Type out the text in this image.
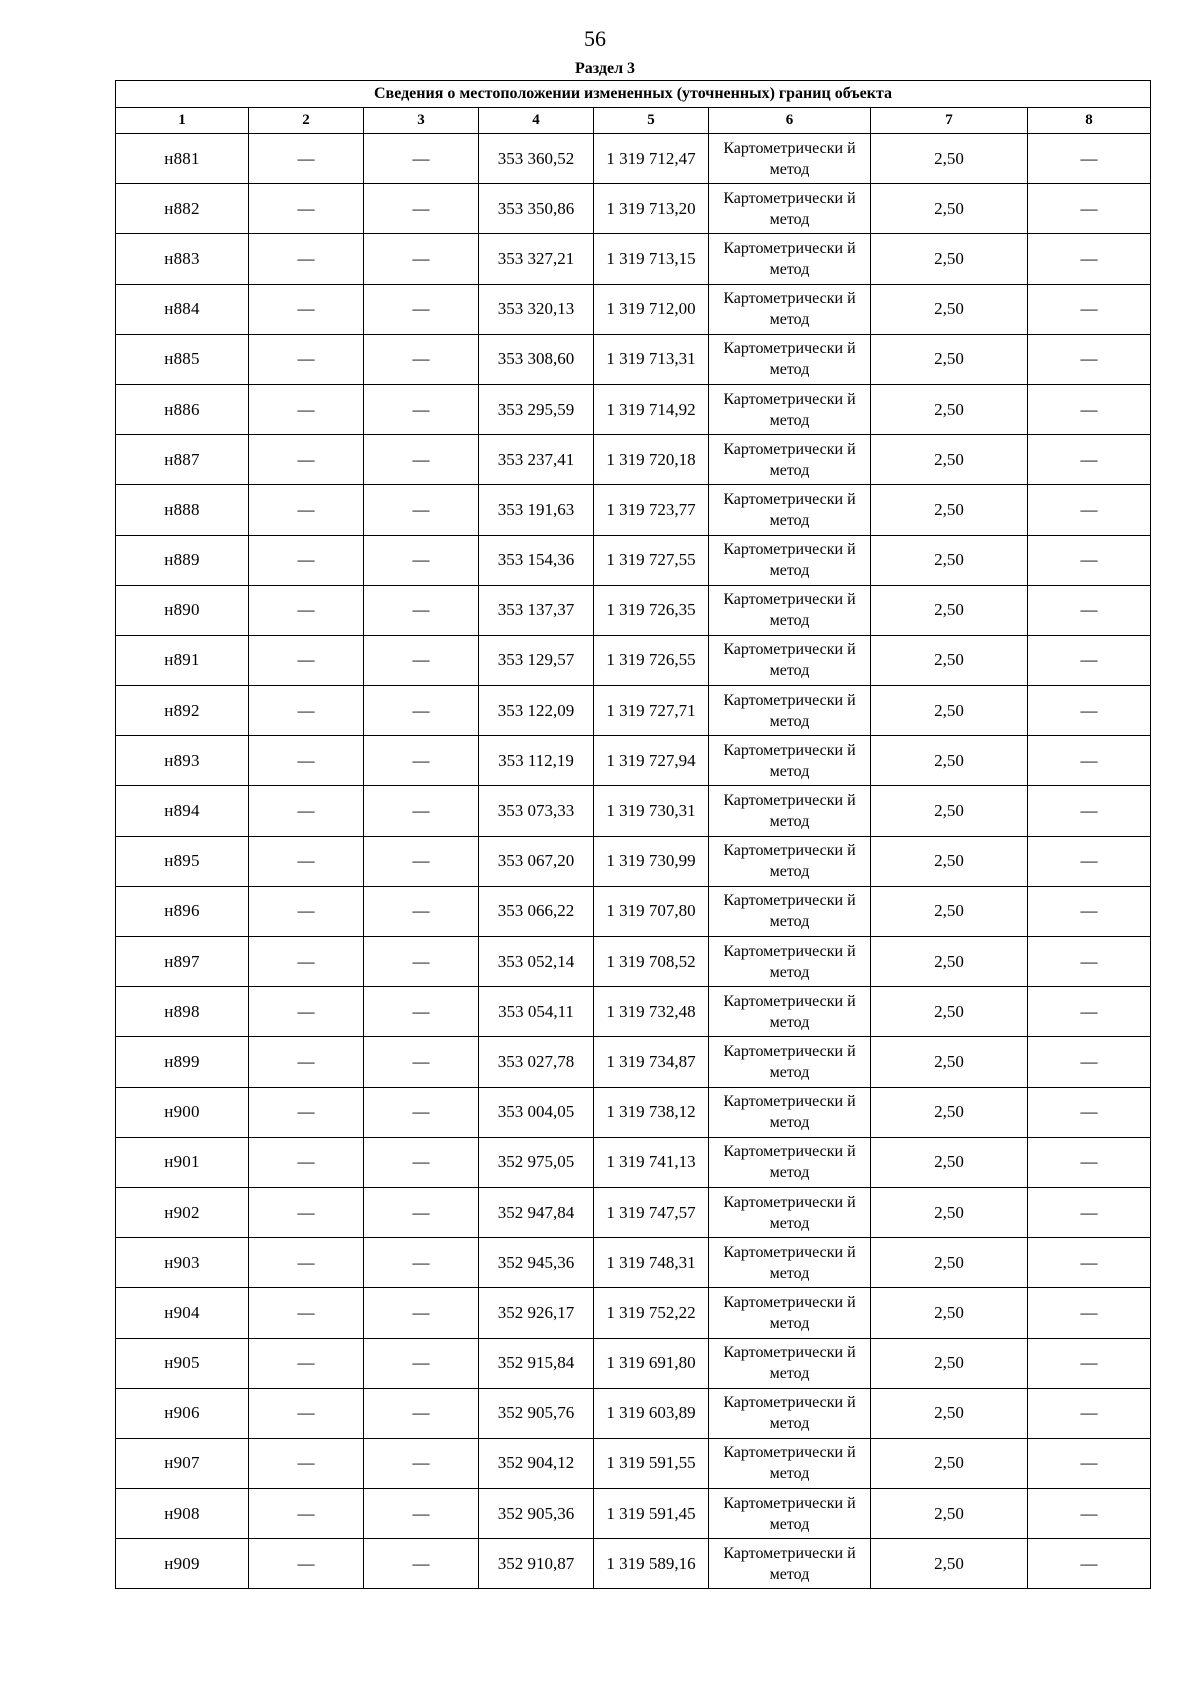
56
Раздел 3
Сведения о местоположении измененных (уточненных) границ объекта							
1	2	3	4	5	6	7	8
н881	—	—	353 360,52	1 319 712,47	Картометрически й метод	2,50	—
н882	—	—	353 350,86	1 319 713,20	Картометрически й метод	2,50	—
н883	—	—	353 327,21	1 319 713,15	Картометрически й метод	2,50	—
н884	—	—	353 320,13	1 319 712,00	Картометрически й метод	2,50	—
н885	—	—	353 308,60	1 319 713,31	Картометрически й метод	2,50	—
н886	—	—	353 295,59	1 319 714,92	Картометрически й метод	2,50	—
н887	—	—	353 237,41	1 319 720,18	Картометрически й метод	2,50	—
н888	—	—	353 191,63	1 319 723,77	Картометрически й метод	2,50	—
н889	—	—	353 154,36	1 319 727,55	Картометрически й метод	2,50	—
н890	—	—	353 137,37	1 319 726,35	Картометрически й метод	2,50	—
н891	—	—	353 129,57	1 319 726,55	Картометрически й метод	2,50	—
н892	—	—	353 122,09	1 319 727,71	Картометрически й метод	2,50	—
н893	—	—	353 112,19	1 319 727,94	Картометрически й метод	2,50	—
н894	—	—	353 073,33	1 319 730,31	Картометрически й метод	2,50	—
н895	—	—	353 067,20	1 319 730,99	Картометрически й метод	2,50	—
н896	—	—	353 066,22	1 319 707,80	Картометрически й метод	2,50	—
н897	—	—	353 052,14	1 319 708,52	Картометрически й метод	2,50	—
н898	—	—	353 054,11	1 319 732,48	Картометрически й метод	2,50	—
н899	—	—	353 027,78	1 319 734,87	Картометрически й метод	2,50	—
н900	—	—	353 004,05	1 319 738,12	Картометрически й метод	2,50	—
н901	—	—	352 975,05	1 319 741,13	Картометрически й метод	2,50	—
н902	—	—	352 947,84	1 319 747,57	Картометрически й метод	2,50	—
н903	—	—	352 945,36	1 319 748,31	Картометрически й метод	2,50	—
н904	—	—	352 926,17	1 319 752,22	Картометрически й метод	2,50	—
н905	—	—	352 915,84	1 319 691,80	Картометрически й метод	2,50	—
н906	—	—	352 905,76	1 319 603,89	Картометрически й метод	2,50	—
н907	—	—	352 904,12	1 319 591,55	Картометрически й метод	2,50	—
н908	—	—	352 905,36	1 319 591,45	Картометрически й метод	2,50	—
н909	—	—	352 910,87	1 319 589,16	Картометрически й метод	2,50	—
